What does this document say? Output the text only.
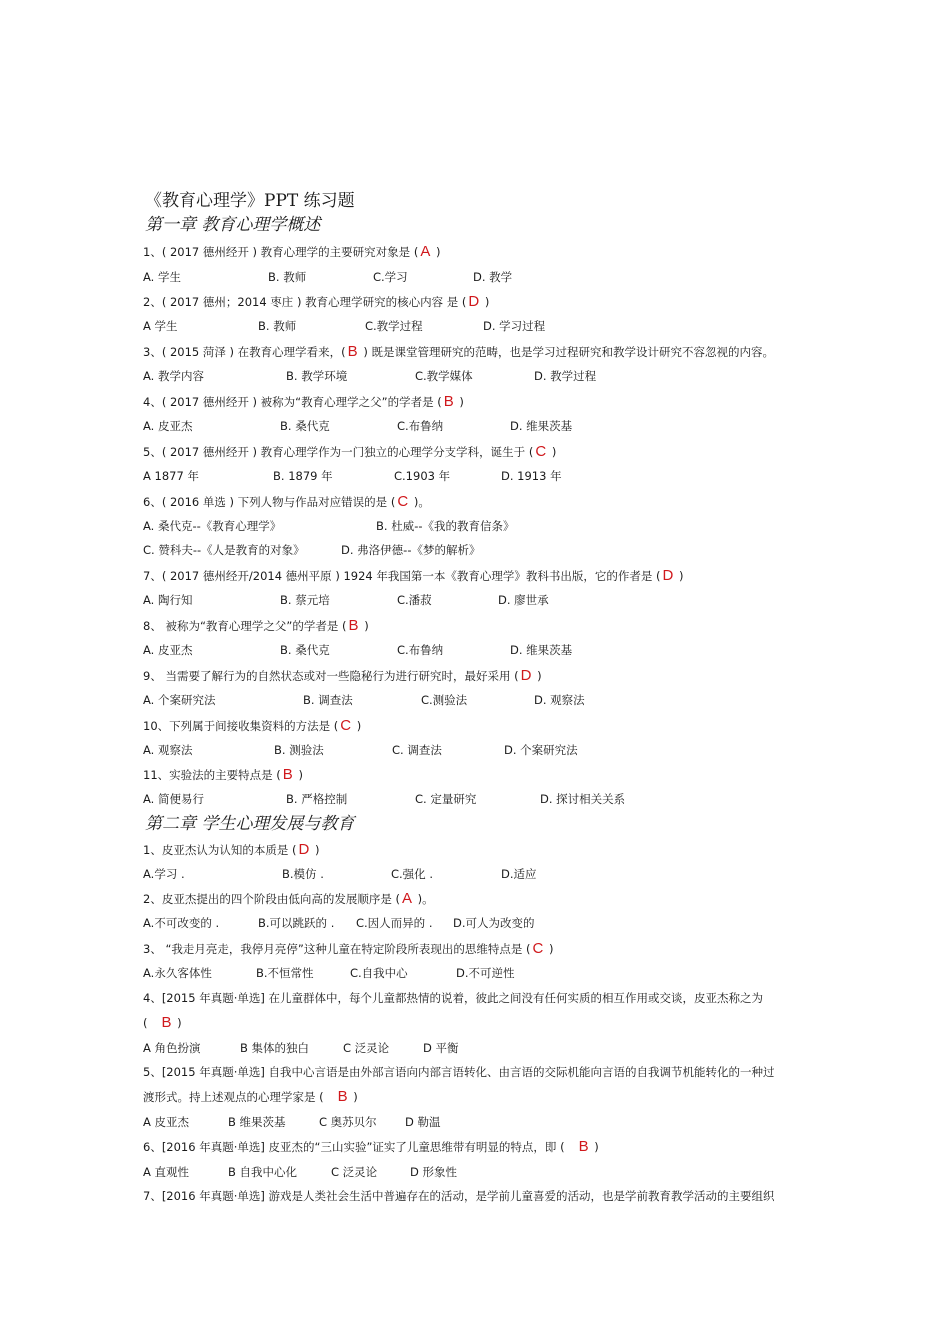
《教育心理学》PPT 练习题
第一章 教育心理学概述
1、( 2017 德州经开 ) 教育心理学的主要研究对象是 ( A )
A. 学生	B. 教师	C.学习	D. 教学
2、( 2017 德州；2014 枣庄 ) 教育心理学研究的核心内容 是 ( D )
A 学生	B. 教师	C.教学过程	D. 学习过程
3、( 2015 菏泽 ) 在教育心理学看来，( B ) 既是课堂管理研究的范畴，也是学习过程研究和教学设计研究不容忽视的内容。
A. 教学内容	B. 教学环境	C.教学媒体	D. 教学过程
4、( 2017 德州经开 ) 被称为“教育心理学之父”的学者是 ( B )
A. 皮亚杰	B. 桑代克	C.布鲁纳	D. 维果茨基
5、( 2017 德州经开 ) 教育心理学作为一门独立的心理学分支学科，诞生于 ( C )
A 1877 年	B. 1879 年	C.1903 年	D. 1913 年
6、( 2016 单选 ) 下列人物与作品对应错误的是 ( C )。
A. 桑代克--《教育心理学》	B. 杜威--《我的教育信条》
C. 赞科夫--《人是教育的对象》	D. 弗洛伊德--《梦的解析》
7、( 2017 德州经开/2014 德州平原 ) 1924 年我国第一本《教育心理学》教科书出版，它的作者是 ( D )
A. 陶行知	B. 蔡元培	C.潘菽	D. 廖世承
8、 被称为“教育心理学之父”的学者是 ( B )
A. 皮亚杰	B. 桑代克	C.布鲁纳	D. 维果茨基
9、 当需要了解行为的自然状态或对一些隐秘行为进行研究时，最好采用 ( D )
A. 个案研究法	B. 调查法	C.测验法	D. 观察法
10、下列属于间接收集资料的方法是 ( C )
A. 观察法	B. 测验法	C. 调查法	D. 个案研究法
11、实验法的主要特点是 ( B )
A. 简便易行	B. 严格控制	C. 定量研究	D. 探讨相关关系
第二章 学生心理发展与教育
1、皮亚杰认为认知的本质是 ( D )
A.学习 .	B.模仿 .	C.强化 .	D.适应
2、皮亚杰提出的四个阶段由低向高的发展顺序是 ( A )。
A.不可改变的 .	B.可以跳跃的 . C.因人而异的 . D.可人为改变的
3、 “我走月亮走，我停月亮停”这种儿童在特定阶段所表现出的思维特点是 ( C )
A.永久客体性	B.不恒常性	C.自我中心	D.不可逆性
4、[2015 年真题·单选] 在儿童群体中，每个儿童都热情的说着，彼此之间没有任何实质的相互作用或交谈，皮亚杰称之为
( B )
A 角色扮演	B 集体的独白	C 泛灵论	D 平衡
5、[2015 年真题·单选] 自我中心言语是由外部言语向内部言语转化、由言语的交际机能向言语的自我调节机能转化的一种过
渡形式。持上述观点的心理学家是 ( B )
A 皮亚杰	B 维果茨基	C 奥苏贝尔 D 勒温
6、[2016 年真题·单选] 皮亚杰的“三山实验”证实了儿童思维带有明显的特点，即 ( B )
A 直观性	B 自我中心化	C 泛灵论	D 形象性
7、[2016 年真题·单选] 游戏是人类社会生活中普遍存在的活动，是学前儿童喜爱的活动，也是学前教育教学活动的主要组织
